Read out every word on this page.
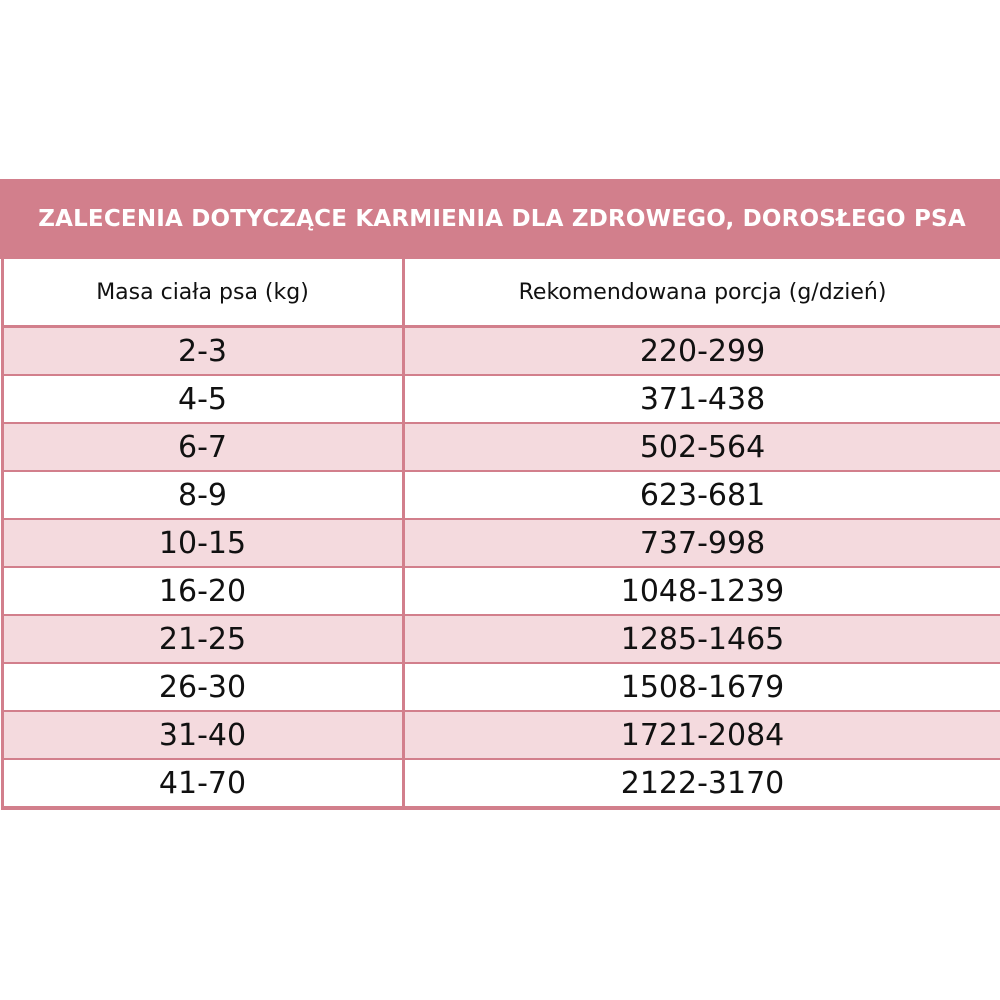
ZALECENIA DOTYCZĄCE KARMIENIA DLA ZDROWEGO, DOROSŁEGO PSA	
Masa ciała psa (kg)	Rekomendowana porcja (g/dzień)
2-3	220-299
4-5	371-438
6-7	502-564
8-9	623-681
10-15	737-998
16-20	1048-1239
21-25	1285-1465
26-30	1508-1679
31-40	1721-2084
41-70	2122-3170
